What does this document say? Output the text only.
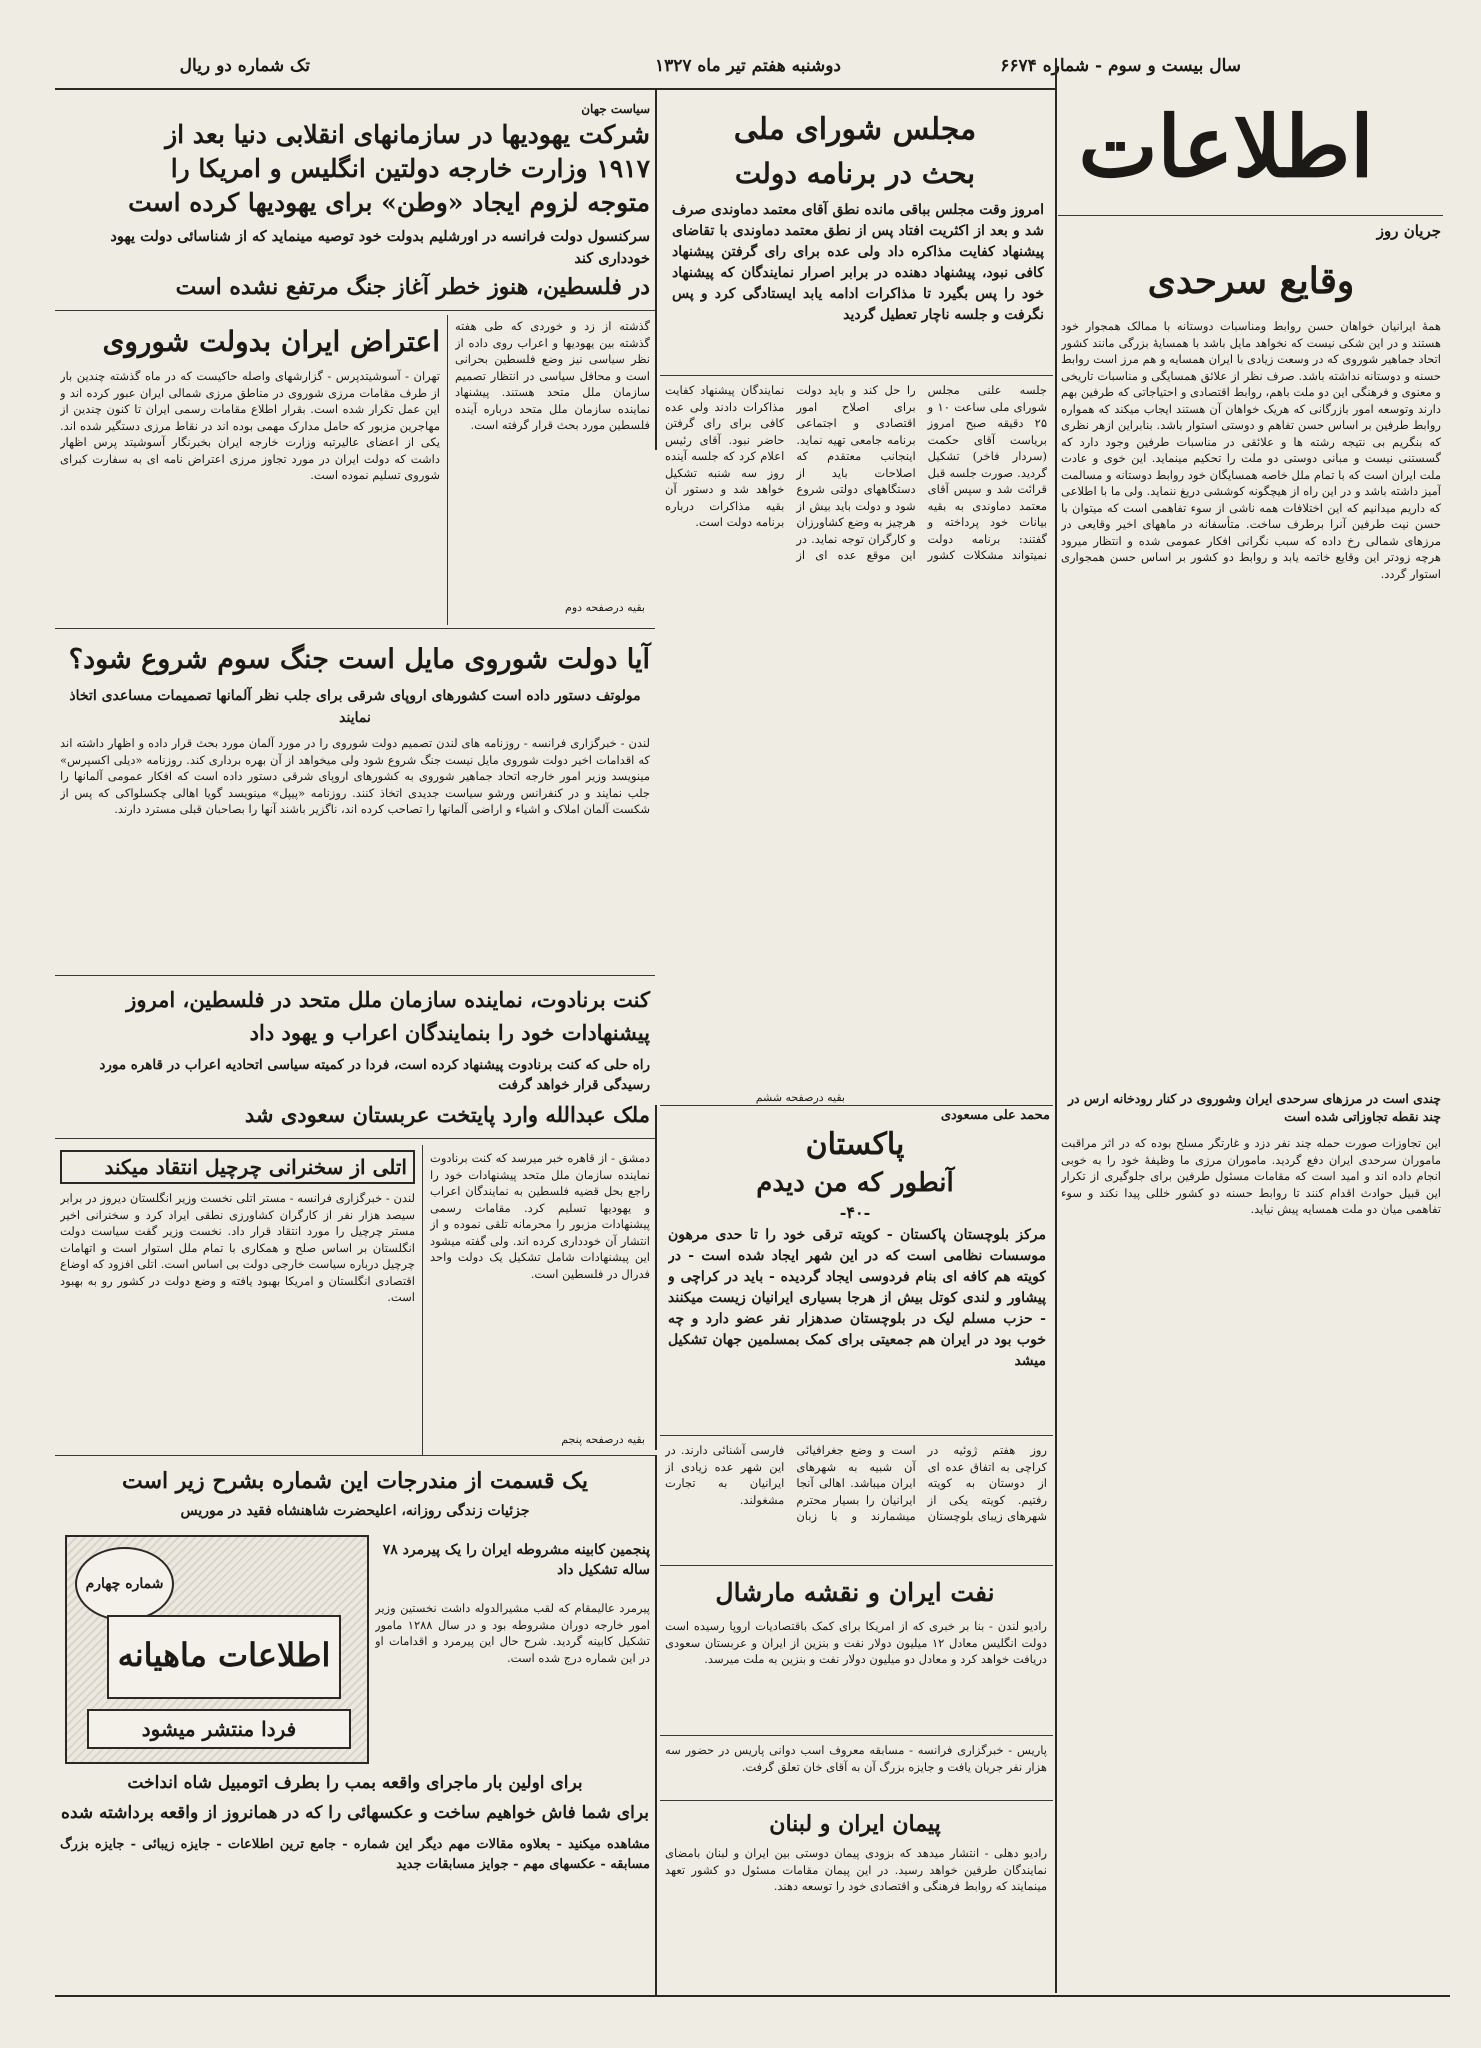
اطلاعات
سال بیست و سوم - شماره ۶۶۷۴
دوشنبه هفتم تیر ماه ۱۳۲۷
تک شماره دو ریال
جریان روز
وقایع سرحدی
همهٔ ایرانیان خواهان حسن روابط ومناسبات دوستانه با ممالک همجوار خود هستند و در این شکی نیست که نخواهد مایل باشد با همسایهٔ بزرگی مانند کشور اتحاد جماهیر شوروی که در وسعت زیادی با ایران همسایه و هم مرز است روابط حسنه و دوستانه نداشته باشد. صرف نظر از علائق همسایگی و مناسبات تاریخی و معنوی و فرهنگی این دو ملت باهم، روابط اقتصادی و احتیاجاتی که طرفین بهم دارند وتوسعه امور بازرگانی که هریک خواهان آن هستند ایجاب میکند که همواره روابط طرفین بر اساس حسن تفاهم و دوستی استوار باشد. بنابراین ازهر نظری که بنگریم بی نتیجه رشته ها و علائقی در مناسبات طرفین وجود دارد که گسستنی نیست و مبانی دوستی دو ملت را تحکیم مینماید. این خوی و عادت ملت ایران است که با تمام ملل خاصه همسایگان خود روابط دوستانه و مسالمت آمیز داشته باشد و در این راه از هیچگونه کوششی دریغ ننماید. ولی ما با اطلاعی که داریم میدانیم که این اختلافات همه ناشی از سوء تفاهمی است که میتوان با حسن نیت طرفین آنرا برطرف ساخت. متأسفانه در ماههای اخیر وقایعی در مرزهای شمالی رخ داده که سبب نگرانی افکار عمومی شده و انتظار میرود هرچه زودتر این وقایع خاتمه یابد و روابط دو کشور بر اساس حسن همجواری استوار گردد.
چندی است در مرزهای سرحدی ایران وشوروی در کنار رودخانه ارس در چند نقطه تجاوزاتی شده است
این تجاوزات صورت حمله چند نفر دزد و غارتگر مسلح بوده که در اثر مراقبت ماموران سرحدی ایران دفع گردید. ماموران مرزی ما وظیفهٔ خود را به خوبی انجام داده اند و امید است که مقامات مسئول طرفین برای جلوگیری از تکرار این قبیل حوادث اقدام کنند تا روابط حسنه دو کشور خللی پیدا نکند و سوء تفاهمی میان دو ملت همسایه پیش نیاید.
مجلس شورای ملی
بحث در برنامه دولت
امروز وقت مجلس بباقی مانده نطق آقای معتمد دماوندی صرف شد و بعد از اکثریت افتاد پس از نطق معتمد دماوندی با تقاضای پیشنهاد کفایت مذاکره داد ولی عده برای رای گرفتن پیشنهاد کافی نبود، پیشنهاد دهنده در برابر اصرار نمایندگان که پیشنهاد خود را پس بگیرد تا مذاکرات ادامه یابد ایستادگی کرد و پس نگرفت و جلسه ناچار تعطیل گردید
جلسه علنی مجلس شورای ملی ساعت ۱۰ و ۲۵ دقیقه صبح امروز بریاست آقای حکمت (سردار فاخر) تشکیل گردید. صورت جلسه قبل قرائت شد و سپس آقای معتمد دماوندی به بقیه بیانات خود پرداخته و گفتند: برنامه دولت نمیتواند مشکلات کشور را حل کند و باید دولت برای اصلاح امور اقتصادی و اجتماعی برنامه جامعی تهیه نماید. اینجانب معتقدم که اصلاحات باید از دستگاههای دولتی شروع شود و دولت باید بیش از هرچیز به وضع کشاورزان و کارگران توجه نماید. در این موقع عده ای از نمایندگان پیشنهاد کفایت مذاکرات دادند ولی عده کافی برای رای گرفتن حاضر نبود. آقای رئیس اعلام کرد که جلسه آینده روز سه شنبه تشکیل خواهد شد و دستور آن بقیه مذاکرات درباره برنامه دولت است.
بقیه درصفحه ششم
محمد علی مسعودی
سیاست جهان
شرکت یهودیها در سازمانهای انقلابی دنیا بعد از
۱۹۱۷ وزارت خارجه دولتین انگلیس و امریکا را
متوجه لزوم ایجاد «وطن» برای یهودیها کرده است
سرکنسول دولت فرانسه در اورشلیم بدولت خود توصیه مینماید که از شناسائی دولت یهود خودداری کند
در فلسطین، هنوز خطر آغاز جنگ مرتفع نشده است
اعتراض ایران بدولت شوروی
تهران - آسوشیتدپرس - گزارشهای واصله حاکیست که در ماه گذشته چندین بار از طرف مقامات مرزی شوروی در مناطق مرزی شمالی ایران عبور کرده اند و این عمل تکرار شده است. بقرار اطلاع مقامات رسمی ایران تا کنون چندین از مهاجرین مزبور که حامل مدارک مهمی بوده اند در نقاط مرزی دستگیر شده اند. یکی از اعضای عالیرتبه وزارت خارجه ایران بخبرنگار آسوشیتد پرس اظهار داشت که دولت ایران در مورد تجاوز مرزی اعتراض نامه ای به سفارت کبرای شوروی تسلیم نموده است.
گذشته از زد و خوردی که طی هفته گذشته بین یهودیها و اعراب روی داده از نظر سیاسی نیز وضع فلسطین بحرانی است و محافل سیاسی در انتظار تصمیم سازمان ملل متحد هستند. پیشنهاد نماینده سازمان ملل متحد درباره آینده فلسطین مورد بحث قرار گرفته است.
بقیه درصفحه دوم
آیا دولت شوروی مایل است جنگ سوم شروع شود؟
مولوتف دستور داده است کشورهای اروپای شرقی برای جلب نظر آلمانها تصمیمات مساعدی اتخاذ نمایند
لندن - خبرگزاری فرانسه - روزنامه های لندن تصمیم دولت شوروی را در مورد آلمان مورد بحث قرار داده و اظهار داشته اند که اقدامات اخیر دولت شوروی مایل نیست جنگ شروع شود ولی میخواهد از آن بهره برداری کند. روزنامه «دیلی اکسپرس» مینویسد وزیر امور خارجه اتحاد جماهیر شوروی به کشورهای اروپای شرقی دستور داده است که افکار عمومی آلمانها را جلب نمایند و در کنفرانس ورشو سیاست جدیدی اتخاذ کنند. روزنامه «پیپل» مینویسد گویا اهالی چکسلواکی که پس از شکست آلمان املاک و اشیاء و اراضی آلمانها را تصاحب کرده اند، ناگزیر باشند آنها را بصاحبان قبلی مسترد دارند.
کنت برنادوت، نماینده سازمان ملل متحد در فلسطین، امروز
پیشنهادات خود را بنمایندگان اعراب و یهود داد
راه حلی که کنت برنادوت پیشنهاد کرده است، فردا در کمیته سیاسی اتحادیه اعراب در قاهره مورد رسیدگی قرار خواهد گرفت
ملک عبدالله وارد پایتخت عربستان سعودی شد
اتلی از سخنرانی چرچیل انتقاد میکند
لندن - خبرگزاری فرانسه - مستر اتلی نخست وزیر انگلستان دیروز در برابر سیصد هزار نفر از کارگران کشاورزی نطقی ایراد کرد و سخنرانی اخیر مستر چرچیل را مورد انتقاد قرار داد. نخست وزیر گفت سیاست دولت انگلستان بر اساس صلح و همکاری با تمام ملل استوار است و اتهامات چرچیل درباره سیاست خارجی دولت بی اساس است. اتلی افزود که اوضاع اقتصادی انگلستان و امریکا بهبود یافته و وضع دولت در کشور رو به بهبود است.
دمشق - از قاهره خبر میرسد که کنت برنادوت نماینده سازمان ملل متحد پیشنهادات خود را راجع بحل قضیه فلسطین به نمایندگان اعراب و یهودیها تسلیم کرد. مقامات رسمی پیشنهادات مزبور را محرمانه تلقی نموده و از انتشار آن خودداری کرده اند. ولی گفته میشود این پیشنهادات شامل تشکیل یک دولت واحد فدرال در فلسطین است.
بقیه درصفحه پنجم
پاکستان
آنطور که من دیدم
-۴۰-
مرکز بلوچستان پاکستان - کویته ترقی خود را تا حدی مرهون موسسات نظامی است که در این شهر ایجاد شده است - در کویته هم کافه ای بنام فردوسی ایجاد گردیده - باید در کراچی و پیشاور و لندی کوتل بیش از هرجا بسیاری ایرانیان زیست میکنند - حزب مسلم لیک در بلوچستان صدهزار نفر عضو دارد و چه خوب بود در ایران هم جمعیتی برای کمک بمسلمین جهان تشکیل میشد
روز هفتم ژوئیه در کراچی به اتفاق عده ای از دوستان به کویته رفتیم. کویته یکی از شهرهای زیبای بلوچستان است و وضع جغرافیائی آن شبیه به شهرهای ایران میباشد. اهالی آنجا ایرانیان را بسیار محترم میشمارند و با زبان فارسی آشنائی دارند. در این شهر عده زیادی از ایرانیان به تجارت مشغولند.
نفت ایران و نقشه مارشال
رادیو لندن - بنا بر خبری که از امریکا برای کمک باقتصادیات اروپا رسیده است دولت انگلیس معادل ۱۲ میلیون دولار نفت و بنزین از ایران و عربستان سعودی دریافت خواهد کرد و معادل دو میلیون دولار نفت و بنزین به ملت میرسد.
پاریس - خبرگزاری فرانسه - مسابقه معروف اسب دوانی پاریس در حضور سه هزار نفر جریان یافت و جایزه بزرگ آن به آقای خان تعلق گرفت.
پیمان ایران و لبنان
رادیو دهلی - انتشار میدهد که بزودی پیمان دوستی بین ایران و لبنان بامضای نمایندگان طرفین خواهد رسید. در این پیمان مقامات مسئول دو کشور تعهد مینمایند که روابط فرهنگی و اقتصادی خود را توسعه دهند.
یک قسمت از مندرجات این شماره بشرح زیر است
جزئیات زندگی روزانه، اعلیحضرت شاهنشاه فقید در موریس
شماره چهارم
اطلاعات ماهیانه
فردا منتشر میشود
پنجمین کابینه مشروطه ایران را یک پیرمرد ۷۸ ساله تشکیل داد
پیرمرد عالیمقام که لقب مشیرالدوله داشت نخستین وزیر امور خارجه دوران مشروطه بود و در سال ۱۲۸۸ مامور تشکیل کابینه گردید. شرح حال این پیرمرد و اقدامات او در این شماره درج شده است.
برای اولین بار ماجرای واقعه بمب را بطرف اتومبیل شاه انداخت
برای شما فاش خواهیم ساخت و عکسهائی را که در همانروز از واقعه برداشته شده
مشاهده میکنید - بعلاوه مقالات مهم دیگر این شماره - جامع ترین اطلاعات - جایزه زیبائی - جایزه بزرگ مسابقه - عکسهای مهم - جوایز مسابقات جدید
